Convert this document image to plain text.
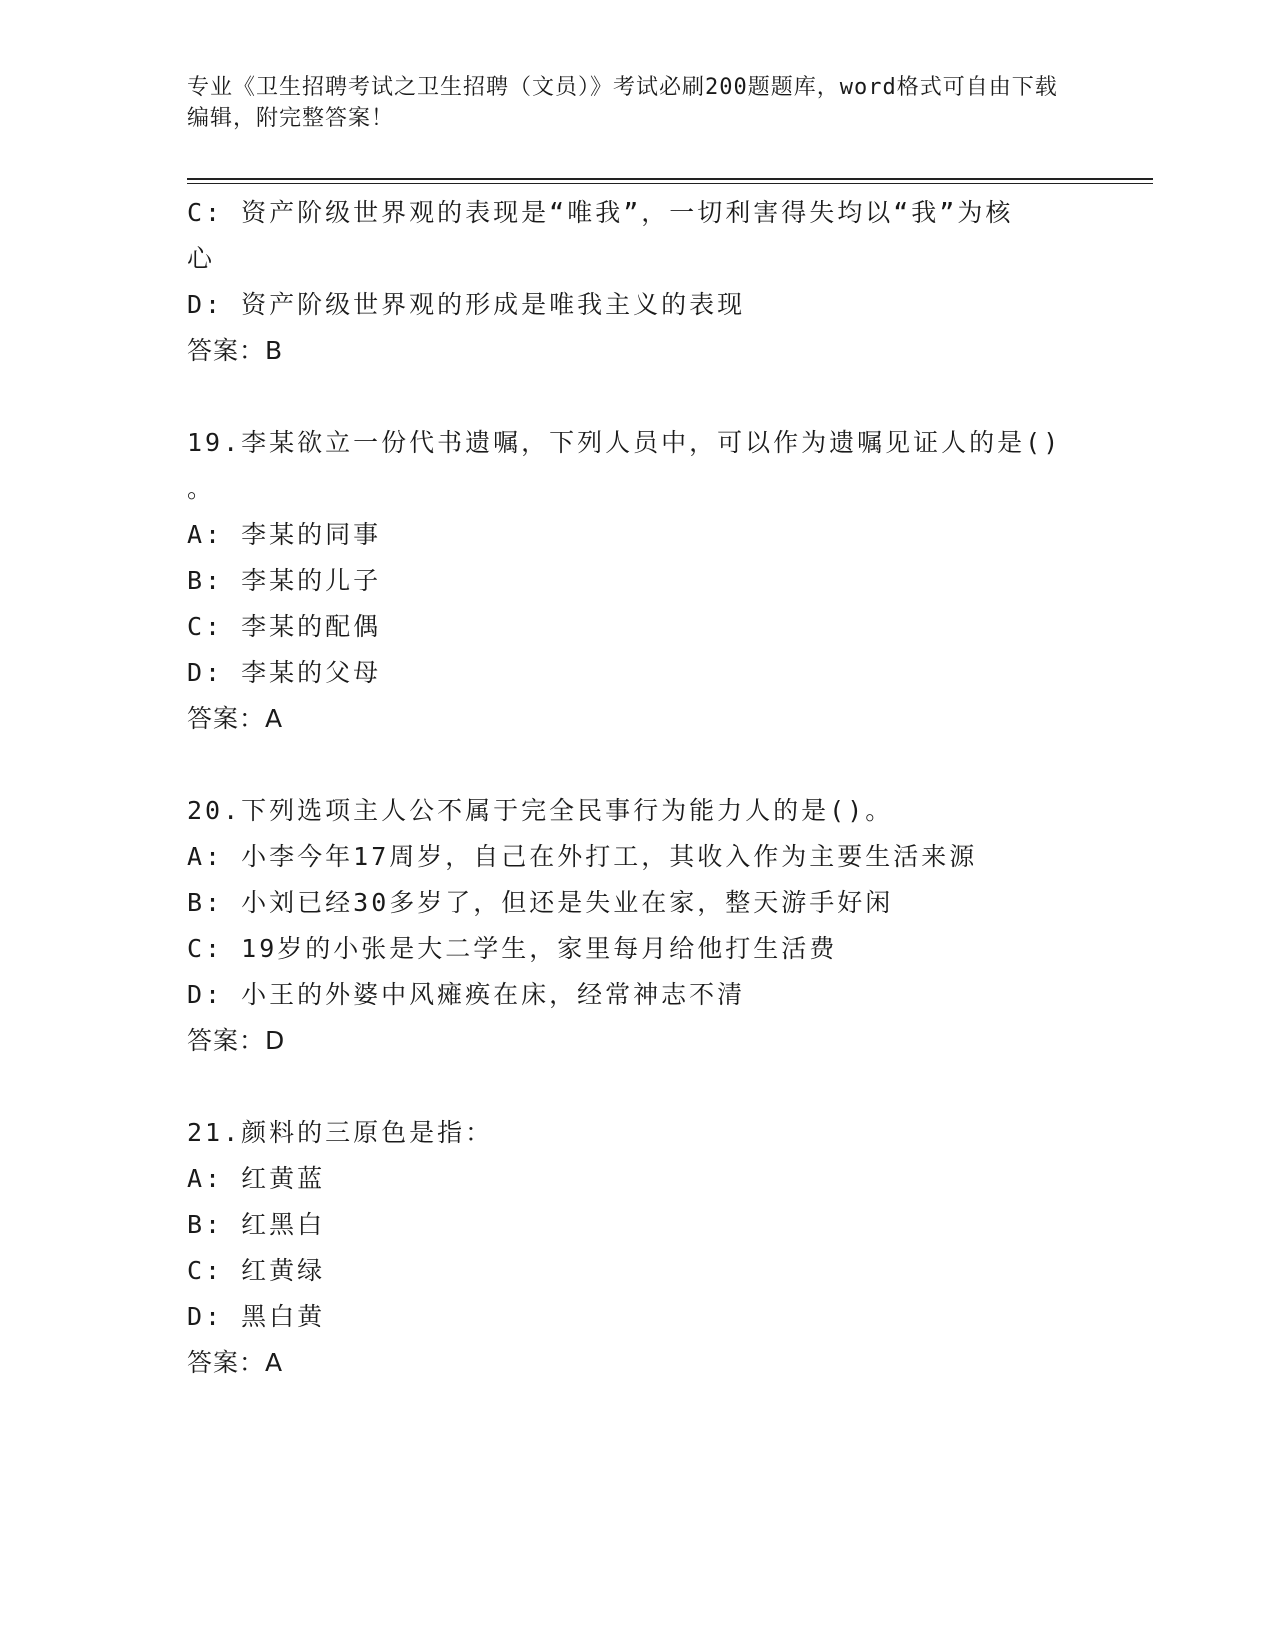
专业《卫生招聘考试之卫生招聘（文员）》考试必刷200题题库，word格式可自由下载编辑，附完整答案！
C: 资产阶级世界观的表现是“唯我”，一切利害得失均以“我”为核
心
D: 资产阶级世界观的形成是唯我主义的表现
答案：B
19.李某欲立一份代书遗嘱，下列人员中，可以作为遗嘱见证人的是()
。
A: 李某的同事
B: 李某的儿子
C: 李某的配偶
D: 李某的父母
答案：A
20.下列选项主人公不属于完全民事行为能力人的是()。
A: 小李今年17周岁，自己在外打工，其收入作为主要生活来源
B: 小刘已经30多岁了，但还是失业在家，整天游手好闲
C: 19岁的小张是大二学生，家里每月给他打生活费
D: 小王的外婆中风瘫痪在床，经常神志不清
答案：D
21.颜料的三原色是指：
A: 红黄蓝
B: 红黑白
C: 红黄绿
D: 黑白黄
答案：A
